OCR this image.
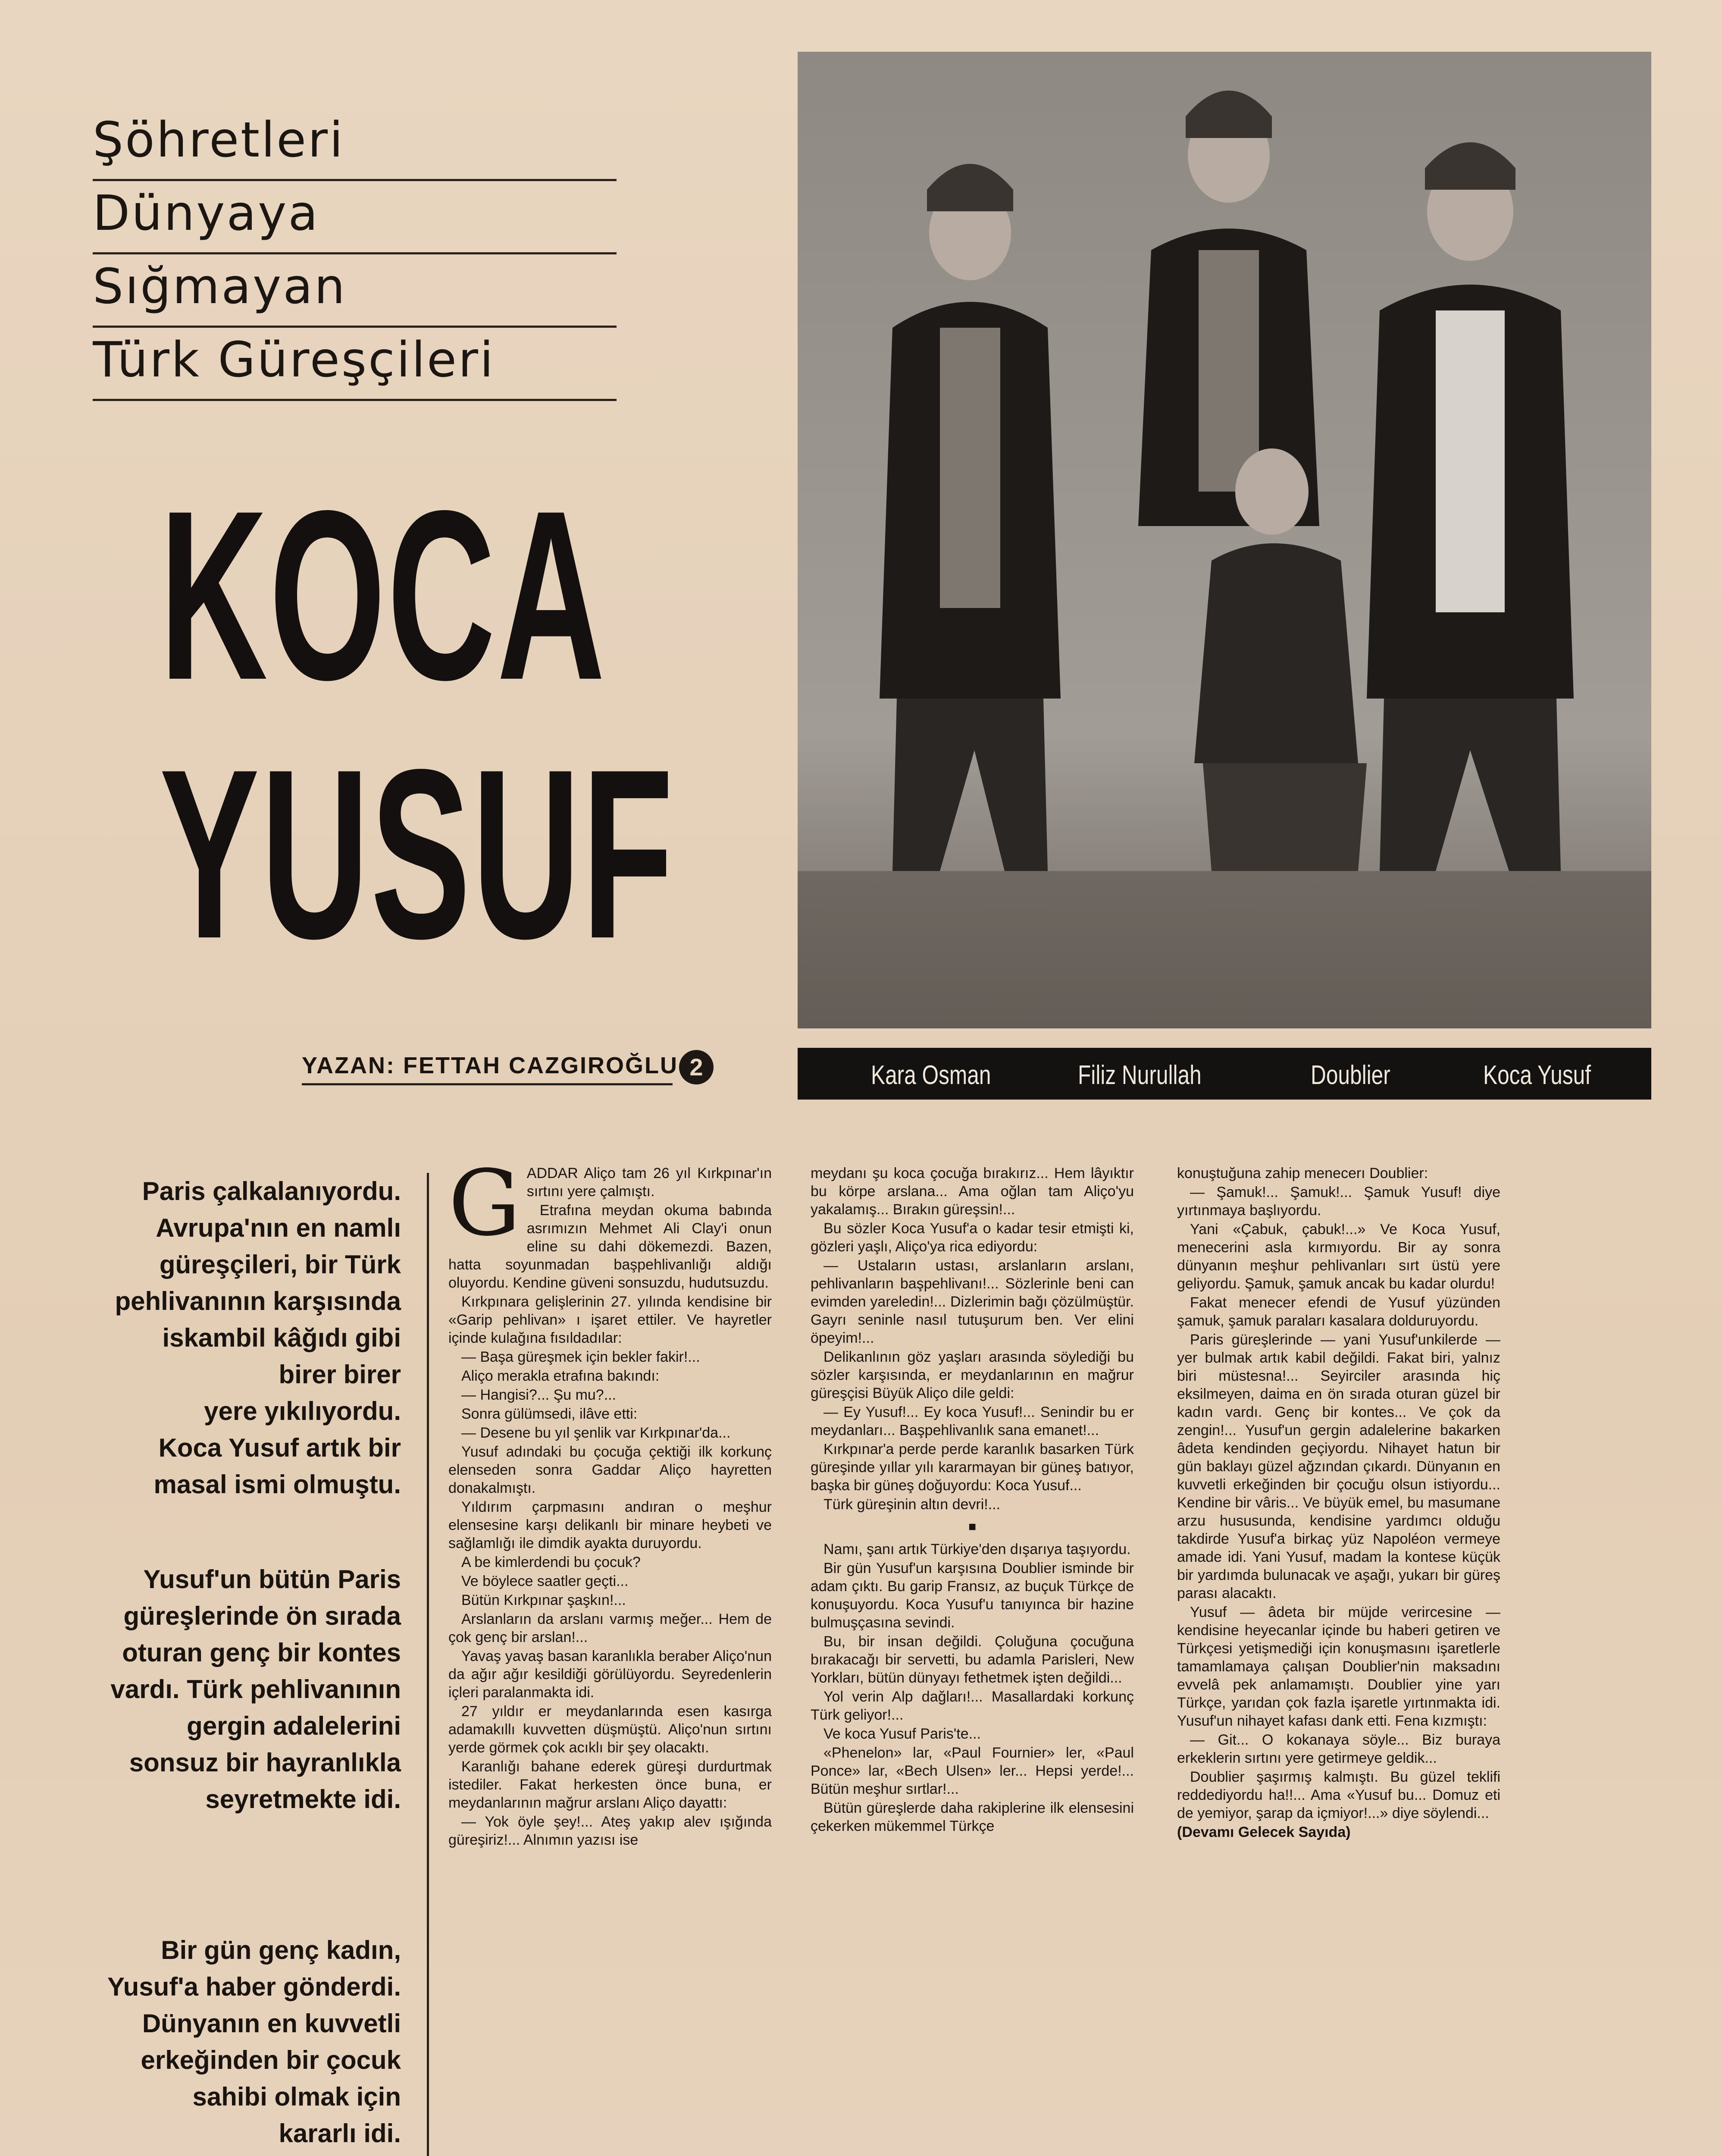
Şöhretleri
Dünyaya
Sığmayan
Türk Güreşçileri
KOCA
YUSUF
YAZAN: FETTAH CAZGIROĞLU 2	Kara Osman	Filiz Nurullah	Doublier	Koca Yusuf

Paris çalkalanıyordu.

Avrupa'nın en namlı

güreşçileri, bir Türk

pehlivanının karşısında

iskambil kâğıdı gibi

birer birer

yere yıkılıyordu.

Koca Yusuf artık bir

masal ismi olmuştu.

Yusuf'un bütün Paris

güreşlerinde ön sırada

oturan genç bir kontes

vardı. Türk pehlivanının

gergin adalelerini

sonsuz bir hayranlıkla

seyretmekte idi.

Bir gün genç kadın,

Yusuf'a haber gönderdi.

Dünyanın en kuvvetli

erkeğinden bir çocuk

sahibi olmak için

kararlı idi.

G ADDAR Aliço tam 26 yıl Kırkpınar'ın sırtını yere çalmıştı.

Etrafına meydan okuma babında asrımızın Mehmet Ali Clay'i onun eline su dahi dökemezdi. Bazen, hatta soyunmadan başpehlivanlığı aldığı oluyordu. Kendine güveni sonsuzdu, hudutsuzdu.

Kırkpınara gelişlerinin 27. yılında kendisine bir «Garip pehlivan» ı işaret ettiler. Ve hayretler içinde kulağına fısıldadılar:

— Başa güreşmek için bekler fakir!...

Aliço merakla etrafına bakındı:

— Hangisi?... Şu mu?...

Sonra gülümsedi, ilâve etti:

— Desene bu yıl şenlik var Kırkpınar'da...

Yusuf adındaki bu çocuğa çektiği ilk korkunç elenseden sonra Gaddar Aliço hayretten donakalmıştı.

Yıldırım çarpmasını andıran o meşhur elensesine karşı delikanlı bir minare heybeti ve sağlamlığı ile dimdik ayakta duruyordu.

A be kimlerdendi bu çocuk?

Ve böylece saatler geçti...

Bütün Kırkpınar şaşkın!...

Arslanların da arslanı varmış meğer... Hem de çok genç bir arslan!...

Yavaş yavaş basan karanlıkla beraber Aliço'nun da ağır ağır kesildiği görülüyordu. Seyredenlerin içleri paralanmakta idi.

27 yıldır er meydanlarında esen kasırga adamakıllı kuvvetten düşmüştü. Aliço'nun sırtını yerde görmek çok acıklı bir şey olacaktı.

Karanlığı bahane ederek güreşi durdurtmak istediler. Fakat herkesten önce buna, er meydanlarının mağrur arslanı Aliço dayattı:

— Yok öyle şey!... Ateş yakıp alev ışığında güreşiriz!... Alnımın yazısı ise

meydanı şu koca çocuğa bırakırız... Hem lâyıktır bu körpe arslana... Ama oğlan tam Aliço'yu yakalamış... Bırakın güreşsin!...

Bu sözler Koca Yusuf'a o kadar tesir etmişti ki, gözleri yaşlı, Aliço'ya rica ediyordu:

— Ustaların ustası, arslanların arslanı, pehlivanların başpehlivanı!... Sözlerinle beni can evimden yareledin!... Dizlerimin bağı çözülmüştür. Gayrı seninle nasıl tutuşurum ben. Ver elini öpeyim!...

Delikanlının göz yaşları arasında söylediği bu sözler karşısında, er meydanlarının en mağrur güreşçisi Büyük Aliço dile geldi:

— Ey Yusuf!... Ey koca Yusuf!... Senindir bu er meydanları... Başpehlivanlık sana emanet!...

Kırkpınar'a perde perde karanlık basarken Türk güreşinde yıllar yılı kararmayan bir güneş batıyor, başka bir güneş doğuyordu: Koca Yusuf...

Türk güreşinin altın devri!...

■

Namı, şanı artık Türkiye'den dışarıya taşıyordu.

Bir gün Yusuf'un karşısına Doublier isminde bir adam çıktı. Bu garip Fransız, az buçuk Türkçe de konuşuyordu. Koca Yusuf'u tanıyınca bir hazine bulmuşçasına sevindi.

Bu, bir insan değildi. Çoluğuna çocuğuna bırakacağı bir servetti, bu adamla Parisleri, New Yorkları, bütün dünyayı fethetmek işten değildi...

Yol verin Alp dağları!... Masallardaki korkunç Türk geliyor!...

Ve koca Yusuf Paris'te...

«Phenelon» lar, «Paul Fournier» ler, «Paul Ponce» lar, «Bech Ulsen» ler... Hepsi yerde!... Bütün meşhur sırtlar!...

Bütün güreşlerde daha rakiplerine ilk elensesini çekerken mükemmel Türkçe

konuştuğuna zahip menecerı Doublier:

— Şamuk!... Şamuk!... Şamuk Yusuf! diye yırtınmaya başlıyordu.

Yani «Çabuk, çabuk!...» Ve Koca Yusuf, menecerini asla kırmıyordu. Bir ay sonra dünyanın meşhur pehlivanları sırt üstü yere geliyordu. Şamuk, şamuk ancak bu kadar olurdu!

Fakat menecer efendi de Yusuf yüzünden şamuk, şamuk paraları kasalara dolduruyordu.

Paris güreşlerinde — yani Yusuf'unkilerde — yer bulmak artık kabil değildi. Fakat biri, yalnız biri müstesna!... Seyirciler arasında hiç eksilmeyen, daima en ön sırada oturan güzel bir kadın vardı. Genç bir kontes... Ve çok da zengin!... Yusuf'un gergin adalelerine bakarken âdeta kendinden geçiyordu. Nihayet hatun bir gün baklayı güzel ağzından çıkardı. Dünyanın en kuvvetli erkeğinden bir çocuğu olsun istiyordu... Kendine bir vâris... Ve büyük emel, bu masumane arzu hususunda, kendisine yardımcı olduğu takdirde Yusuf'a birkaç yüz Napoléon vermeye amade idi. Yani Yusuf, madam la kontese küçük bir yardımda bulunacak ve aşağı, yukarı bir güreş parası alacaktı.

Yusuf — âdeta bir müjde verircesine — kendisine heyecanlar içinde bu haberi getiren ve Türkçesi yetişmediği için konuşmasını işaretlerle tamamlamaya çalışan Doublier'nin maksadını evvelâ pek anlamamıştı. Doublier yine yarı Türkçe, yarıdan çok fazla işaretle yırtınmakta idi. Yusuf'un nihayet kafası dank etti. Fena kızmıştı:

— Git... O kokanaya söyle... Biz buraya erkeklerin sırtını yere getirmeye geldik...

Doublier şaşırmış kalmıştı. Bu güzel teklifi reddediyordu ha!!... Ama «Yusuf bu... Domuz eti de yemiyor, şarap da içmiyor!...» diye söylendi...

(Devamı Gelecek Sayıda)
